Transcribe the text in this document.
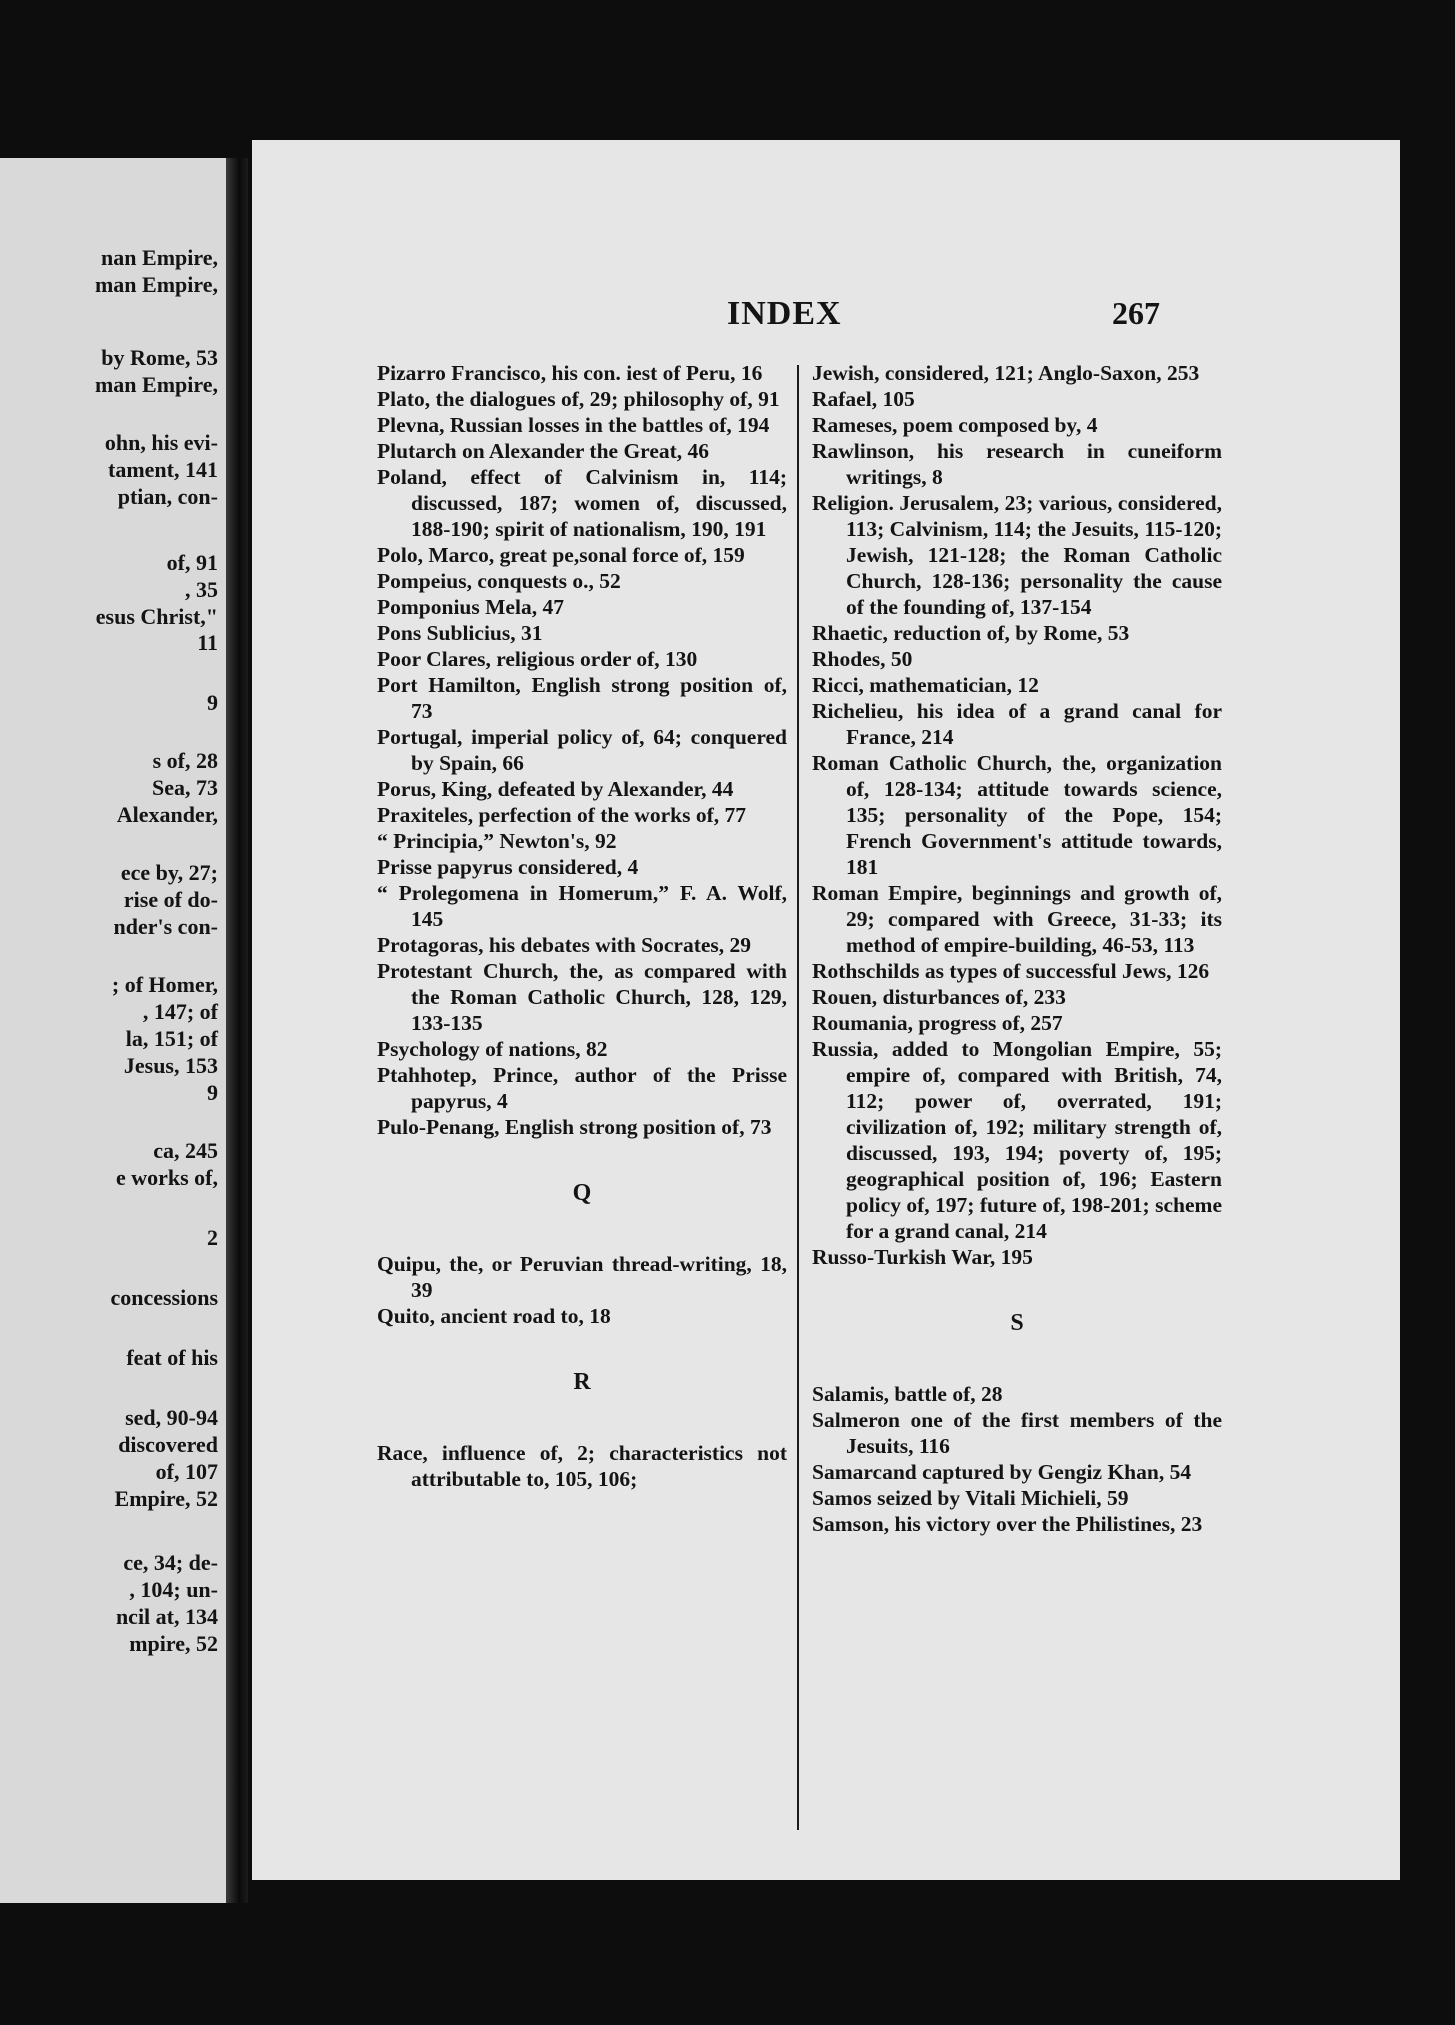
nan Empire,
man Empire,
by Rome, 53
man Empire,
ohn, his evi-
tament, 141
ptian, con-
of, 91
, 35
esus Christ,"
11
9
s of, 28
Sea, 73
Alexander,
ece by, 27;
rise of do-
nder's con-
; of Homer,
, 147; of
la, 151; of
Jesus, 153
9
ca, 245
e works of,
2
concessions
feat of his
sed, 90-94
discovered
of, 107
Empire, 52
ce, 34; de-
, 104; un-
ncil at, 134
mpire, 52
INDEX	267

Pizarro Francisco, his con. iest of Peru, 16

Plato, the dialogues of, 29; philosophy of, 91

Plevna, Russian losses in the battles of, 194

Plutarch on Alexander the Great, 46

Poland, effect of Calvinism in, 114; discussed, 187; women of, discussed, 188-190; spirit of nationalism, 190, 191

Polo, Marco, great pe,sonal force of, 159

Pompeius, conquests o., 52

Pomponius Mela, 47

Pons Sublicius, 31

Poor Clares, religious order of, 130

Port Hamilton, English strong position of, 73

Portugal, imperial policy of, 64; conquered by Spain, 66

Porus, King, defeated by Alexander, 44

Praxiteles, perfection of the works of, 77

“ Principia,” Newton's, 92

Prisse papyrus considered, 4

“ Prolegomena in Homerum,” F. A. Wolf, 145

Protagoras, his debates with Socrates, 29

Protestant Church, the, as compared with the Roman Catholic Church, 128, 129, 133-135

Psychology of nations, 82

Ptahhotep, Prince, author of the Prisse papyrus, 4

Pulo-Penang, English strong position of, 73

Q

Quipu, the, or Peruvian thread-writing, 18, 39

Quito, ancient road to, 18

R

Race, influence of, 2; characteristics not attributable to, 105, 106;

Jewish, considered, 121; Anglo-Saxon, 253

Rafael, 105

Rameses, poem composed by, 4

Rawlinson, his research in cuneiform writings, 8

Religion. Jerusalem, 23; various, considered, 113; Calvinism, 114; the Jesuits, 115-120; Jewish, 121-128; the Roman Catholic Church, 128-136; personality the cause of the founding of, 137-154

Rhaetic, reduction of, by Rome, 53

Rhodes, 50

Ricci, mathematician, 12

Richelieu, his idea of a grand canal for France, 214

Roman Catholic Church, the, organization of, 128-134; attitude towards science, 135; personality of the Pope, 154; French Government's attitude towards, 181

Roman Empire, beginnings and growth of, 29; compared with Greece, 31-33; its method of empire-building, 46-53, 113

Rothschilds as types of successful Jews, 126

Rouen, disturbances of, 233

Roumania, progress of, 257

Russia, added to Mongolian Empire, 55; empire of, compared with British, 74, 112; power of, overrated, 191; civilization of, 192; military strength of, discussed, 193, 194; poverty of, 195; geographical position of, 196; Eastern policy of, 197; future of, 198-201; scheme for a grand canal, 214

Russo-Turkish War, 195

S

Salamis, battle of, 28

Salmeron one of the first members of the Jesuits, 116

Samarcand captured by Gengiz Khan, 54

Samos seized by Vitali Michieli, 59

Samson, his victory over the Philistines, 23
